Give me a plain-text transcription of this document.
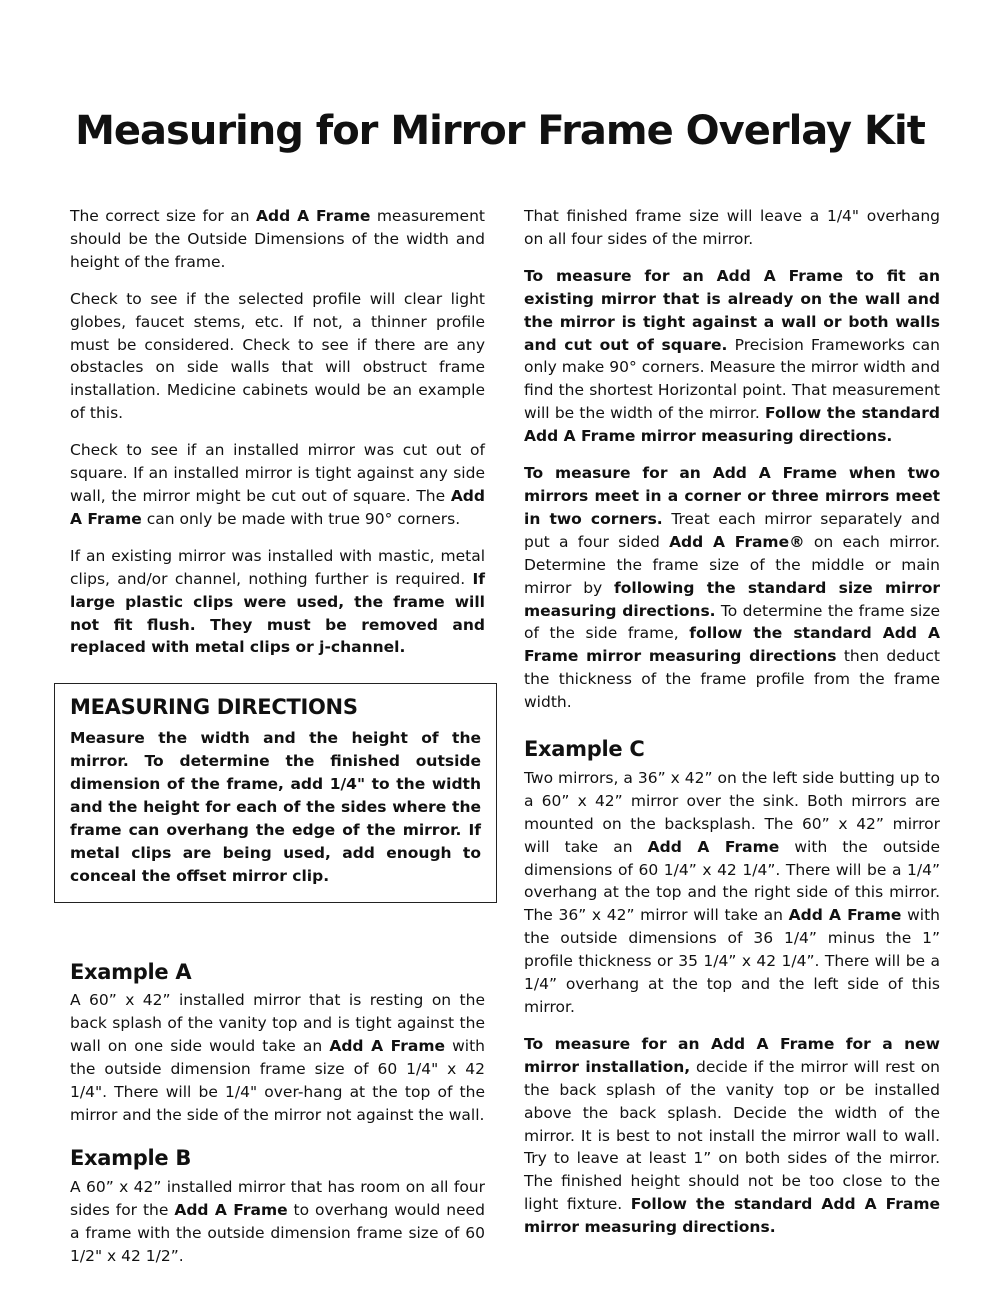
Measuring for Mirror Frame Overlay Kit

The correct size for an Add A Frame measurement should be the Outside Dimensions of the width and height of the frame.

Check to see if the selected profile will clear light globes, faucet stems, etc. If not, a thinner profile must be considered. Check to see if there are any obstacles on side walls that will obstruct frame installation. Medicine cabinets would be an example of this.

Check to see if an installed mirror was cut out of square. If an installed mirror is tight against any side wall, the mirror might be cut out of square. The Add A Frame can only be made with true 90° corners.

If an existing mirror was installed with mastic, metal clips, and/or channel, nothing further is required. If large plastic clips were used, the frame will not fit flush. They must be removed and replaced with metal clips or j-channel.

MEASURING DIRECTIONS

Measure the width and the height of the mirror. To determine the finished outside dimension of the frame, add 1/4" to the width and the height for each of the sides where the frame can overhang the edge of the mirror. If metal clips are being used, add enough to conceal the offset mirror clip.

Example A

A 60” x 42” installed mirror that is resting on the back splash of the vanity top and is tight against the wall on one side would take an Add A Frame with the outside dimension frame size of 60 1/4" x 42 1/4". There will be 1/4" over-hang at the top of the mirror and the side of the mirror not against the wall.

Example B

A 60” x 42” installed mirror that has room on all four sides for the Add A Frame to overhang would need a frame with the outside dimension frame size of 60 1/2" x 42 1/2”.

That finished frame size will leave a 1/4" overhang on all four sides of the mirror.

To measure for an Add A Frame to fit an existing mirror that is already on the wall and the mirror is tight against a wall or both walls and cut out of square. Precision Frameworks can only make 90° corners. Measure the mirror width and find the shortest Horizontal point. That measurement will be the width of the mirror. Follow the standard Add A Frame mirror measuring directions.

To measure for an Add A Frame when two mirrors meet in a corner or three mirrors meet in two corners. Treat each mirror separately and put a four sided Add A Frame® on each mirror. Determine the frame size of the middle or main mirror by following the standard size mirror measuring directions. To determine the frame size of the side frame, follow the standard Add A Frame mirror measuring directions then deduct the thickness of the frame profile from the frame width.

Example C

Two mirrors, a 36” x 42” on the left side butting up to a 60” x 42” mirror over the sink. Both mirrors are mounted on the backsplash. The 60” x 42” mirror will take an Add A Frame with the outside dimensions of 60 1/4” x 42 1/4”. There will be a 1/4” overhang at the top and the right side of this mirror. The 36” x 42” mirror will take an Add A Frame with the outside dimensions of 36 1/4” minus the 1” profile thickness or 35 1/4” x 42 1/4”. There will be a 1/4” overhang at the top and the left side of this mirror.

To measure for an Add A Frame for a new mirror installation, decide if the mirror will rest on the back splash of the vanity top or be installed above the back splash. Decide the width of the mirror. It is best to not install the mirror wall to wall. Try to leave at least 1” on both sides of the mirror. The finished height should not be too close to the light fixture. Follow the standard Add A Frame mirror measuring directions.
